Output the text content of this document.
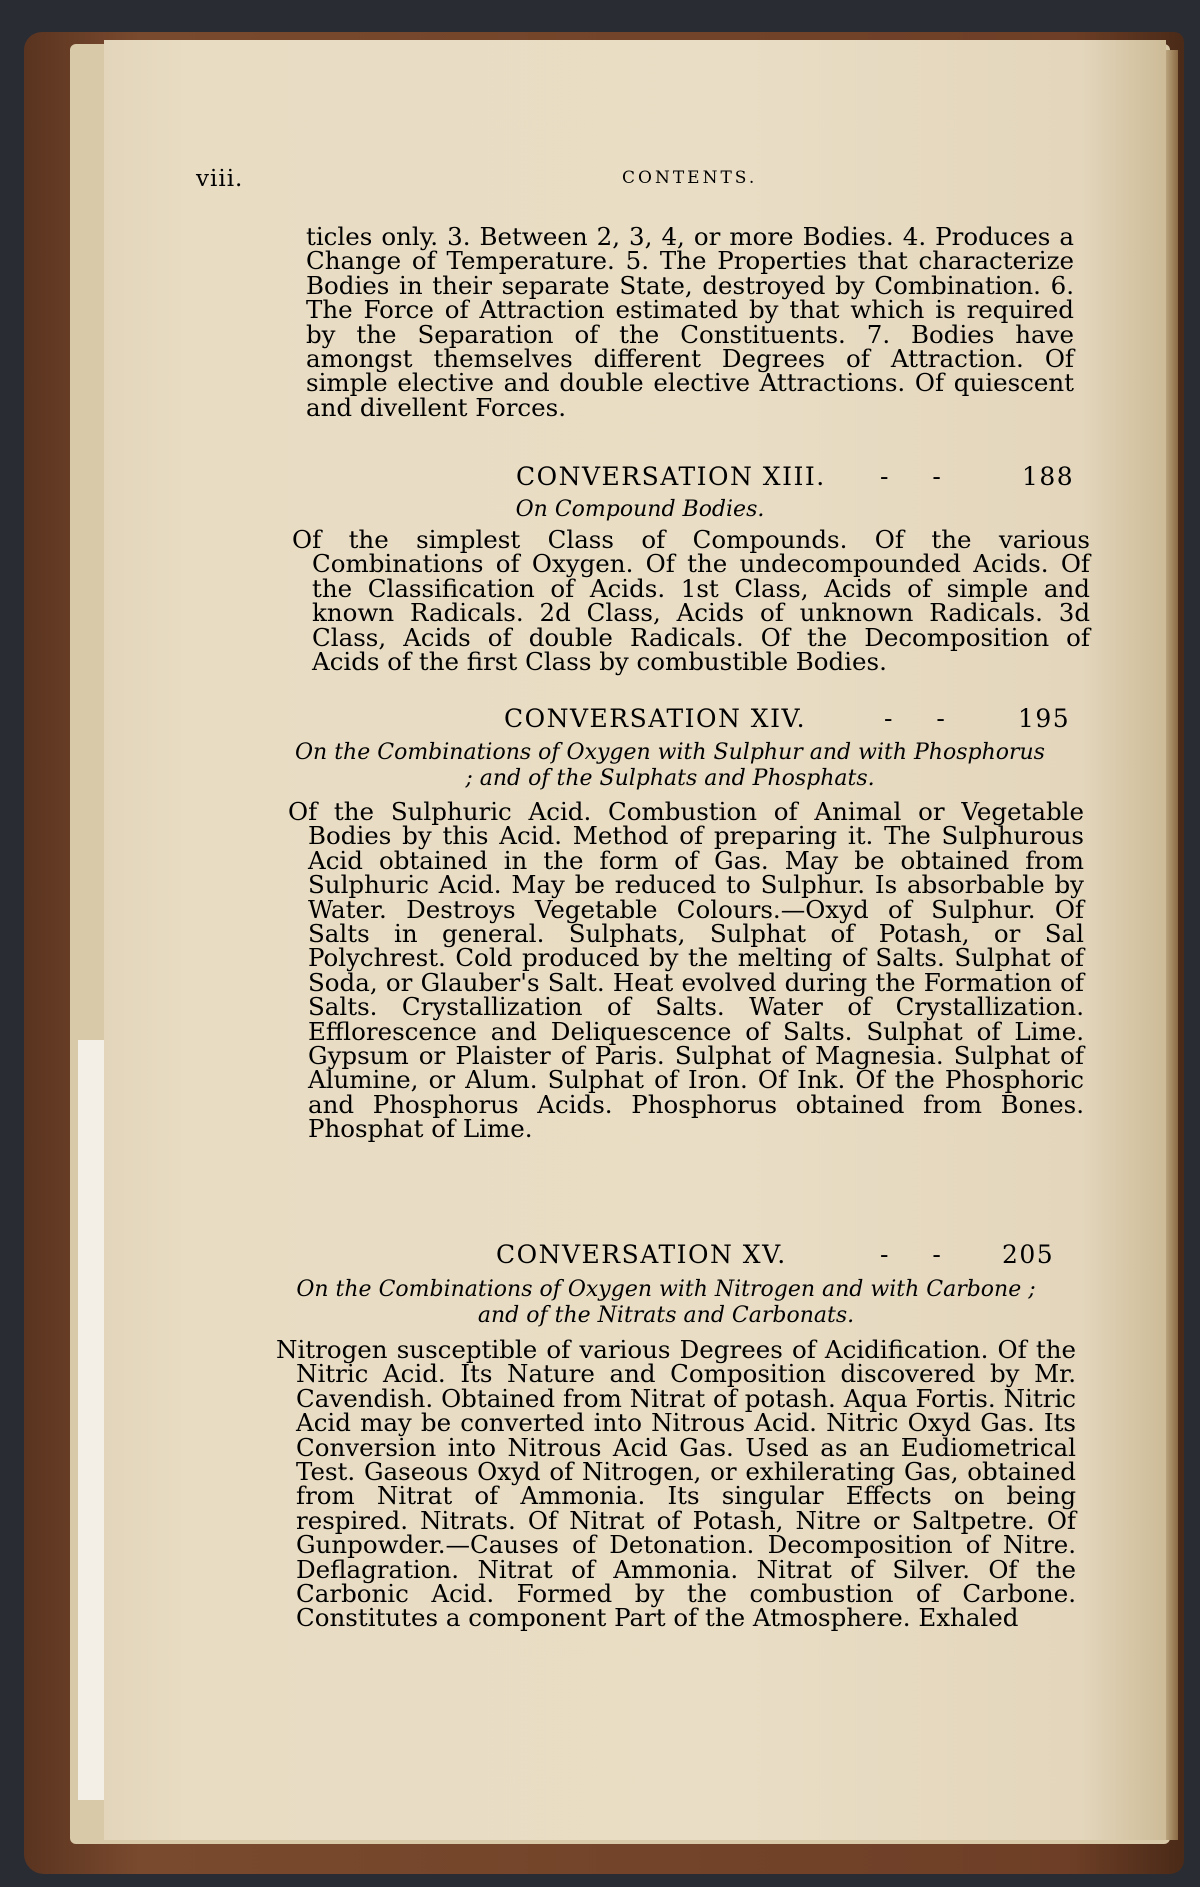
viii.	CONTENTS.

ticles only. 3. Between 2, 3, 4, or more Bodies. 4. Produces a Change of Temperature. 5. The Properties that characterize Bodies in their separate State, destroyed by Combination. 6. The Force of Attraction estimated by that which is required by the Separation of the Constituents. 7. Bodies have amongst themselves different Degrees of Attraction. Of simple elective and double elective Attractions. Of quiescent and divellent Forces.

CONVERSATION XIII. - -	188

On Compound Bodies.

Of the simplest Class of Compounds. Of the various Combinations of Oxygen. Of the undecompounded Acids. Of the Classification of Acids. 1st Class, Acids of simple and known Radicals. 2d Class, Acids of unknown Radicals. 3d Class, Acids of double Radicals. Of the Decomposition of Acids of the first Class by combustible Bodies.

CONVERSATION XIV.	- - 195

On the Combinations of Oxygen with Sulphur and with Phosphorus ; and of the Sulphats and Phosphats.

Of the Sulphuric Acid. Combustion of Animal or Vegetable Bodies by this Acid. Method of preparing it. The Sulphurous Acid obtained in the form of Gas. May be obtained from Sulphuric Acid. May be reduced to Sulphur. Is absorbable by Water. Destroys Vegetable Colours.—Oxyd of Sulphur. Of Salts in general. Sulphats, Sulphat of Potash, or Sal Polychrest. Cold produced by the melting of Salts. Sulphat of Soda, or Glauber's Salt. Heat evolved during the Formation of Salts. Crystallization of Salts. Water of Crystallization. Efflorescence and Deliquescence of Salts. Sulphat of Lime. Gypsum or Plaister of Paris. Sulphat of Magnesia. Sulphat of Alumine, or Alum. Sulphat of Iron. Of Ink. Of the Phosphoric and Phosphorus Acids. Phosphorus obtained from Bones. Phosphat of Lime.

CONVERSATION XV.	- - 205

On the Combinations of Oxygen with Nitrogen and with Carbone ; and of the Nitrats and Carbonats.

Nitrogen susceptible of various Degrees of Acidification. Of the Nitric Acid. Its Nature and Composition discovered by Mr. Cavendish. Obtained from Nitrat of potash. Aqua Fortis. Nitric Acid may be converted into Nitrous Acid. Nitric Oxyd Gas. Its Conversion into Nitrous Acid Gas. Used as an Eudiometrical Test. Gaseous Oxyd of Nitrogen, or exhilerating Gas, obtained from Nitrat of Ammonia. Its singular Effects on being respired. Nitrats. Of Nitrat of Potash, Nitre or Saltpetre. Of Gunpowder.—Causes of Detonation. Decomposition of Nitre. Deflagration. Nitrat of Ammonia. Nitrat of Silver. Of the Carbonic Acid. Formed by the combustion of Carbone. Constitutes a component Part of the Atmosphere. Exhaled
